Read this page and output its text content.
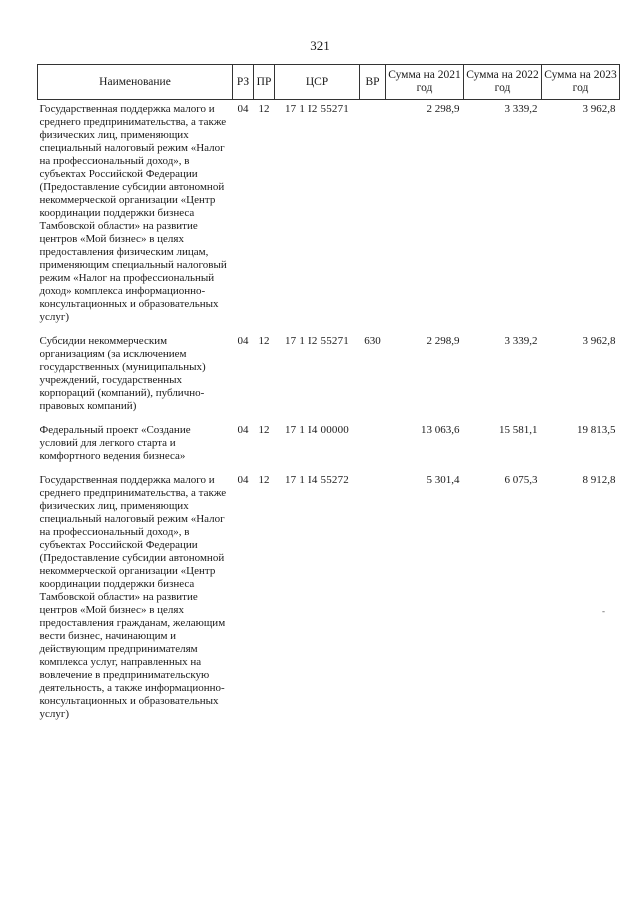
321
Наименование	РЗ	ПР	ЦСР	ВР	Сумма на 2021 год	Сумма на 2022 год	Сумма на 2023 год
Государственная поддержка малого и среднего предпринимательства, а также физических лиц, применяющих специальный налоговый режим «Налог на профессиональный доход», в субъектах Российской Федерации (Предоставление субсидии автономной некоммерческой организации «Центр координации поддержки бизнеса Тамбовской области» на развитие центров «Мой бизнес» в целях предоставления физическим лицам, применяющим специальный налоговый режим «Налог на профессиональный доход» комплекса информационно-консультационных и образовательных услуг)	04	12	17 1 I2 55271		2 298,9	3 339,2	3 962,8
Субсидии некоммерческим организациям (за исключением государственных (муниципальных) учреждений, государственных корпораций (компаний), публично-правовых компаний)	04	12	17 1 I2 55271	630	2 298,9	3 339,2	3 962,8
Федеральный проект «Создание условий для легкого старта и комфортного ведения бизнеса»	04	12	17 1 I4 00000		13 063,6	15 581,1	19 813,5
Государственная поддержка малого и среднего предпринимательства, а также физических лиц, применяющих специальный налоговый режим «Налог на профессиональный доход», в субъектах Российской Федерации (Предоставление субсидии автономной некоммерческой организации «Центр координации поддержки бизнеса Тамбовской области» на развитие центров «Мой бизнес» в целях предоставления гражданам, желающим вести бизнес, начинающим и действующим предпринимателям комплекса услуг, направленных на вовлечение в предпринимательскую деятельность, а также информационно-консультационных и образовательных услуг)	04	12	17 1 I4 55272		5 301,4	6 075,3	8 912,8
-
